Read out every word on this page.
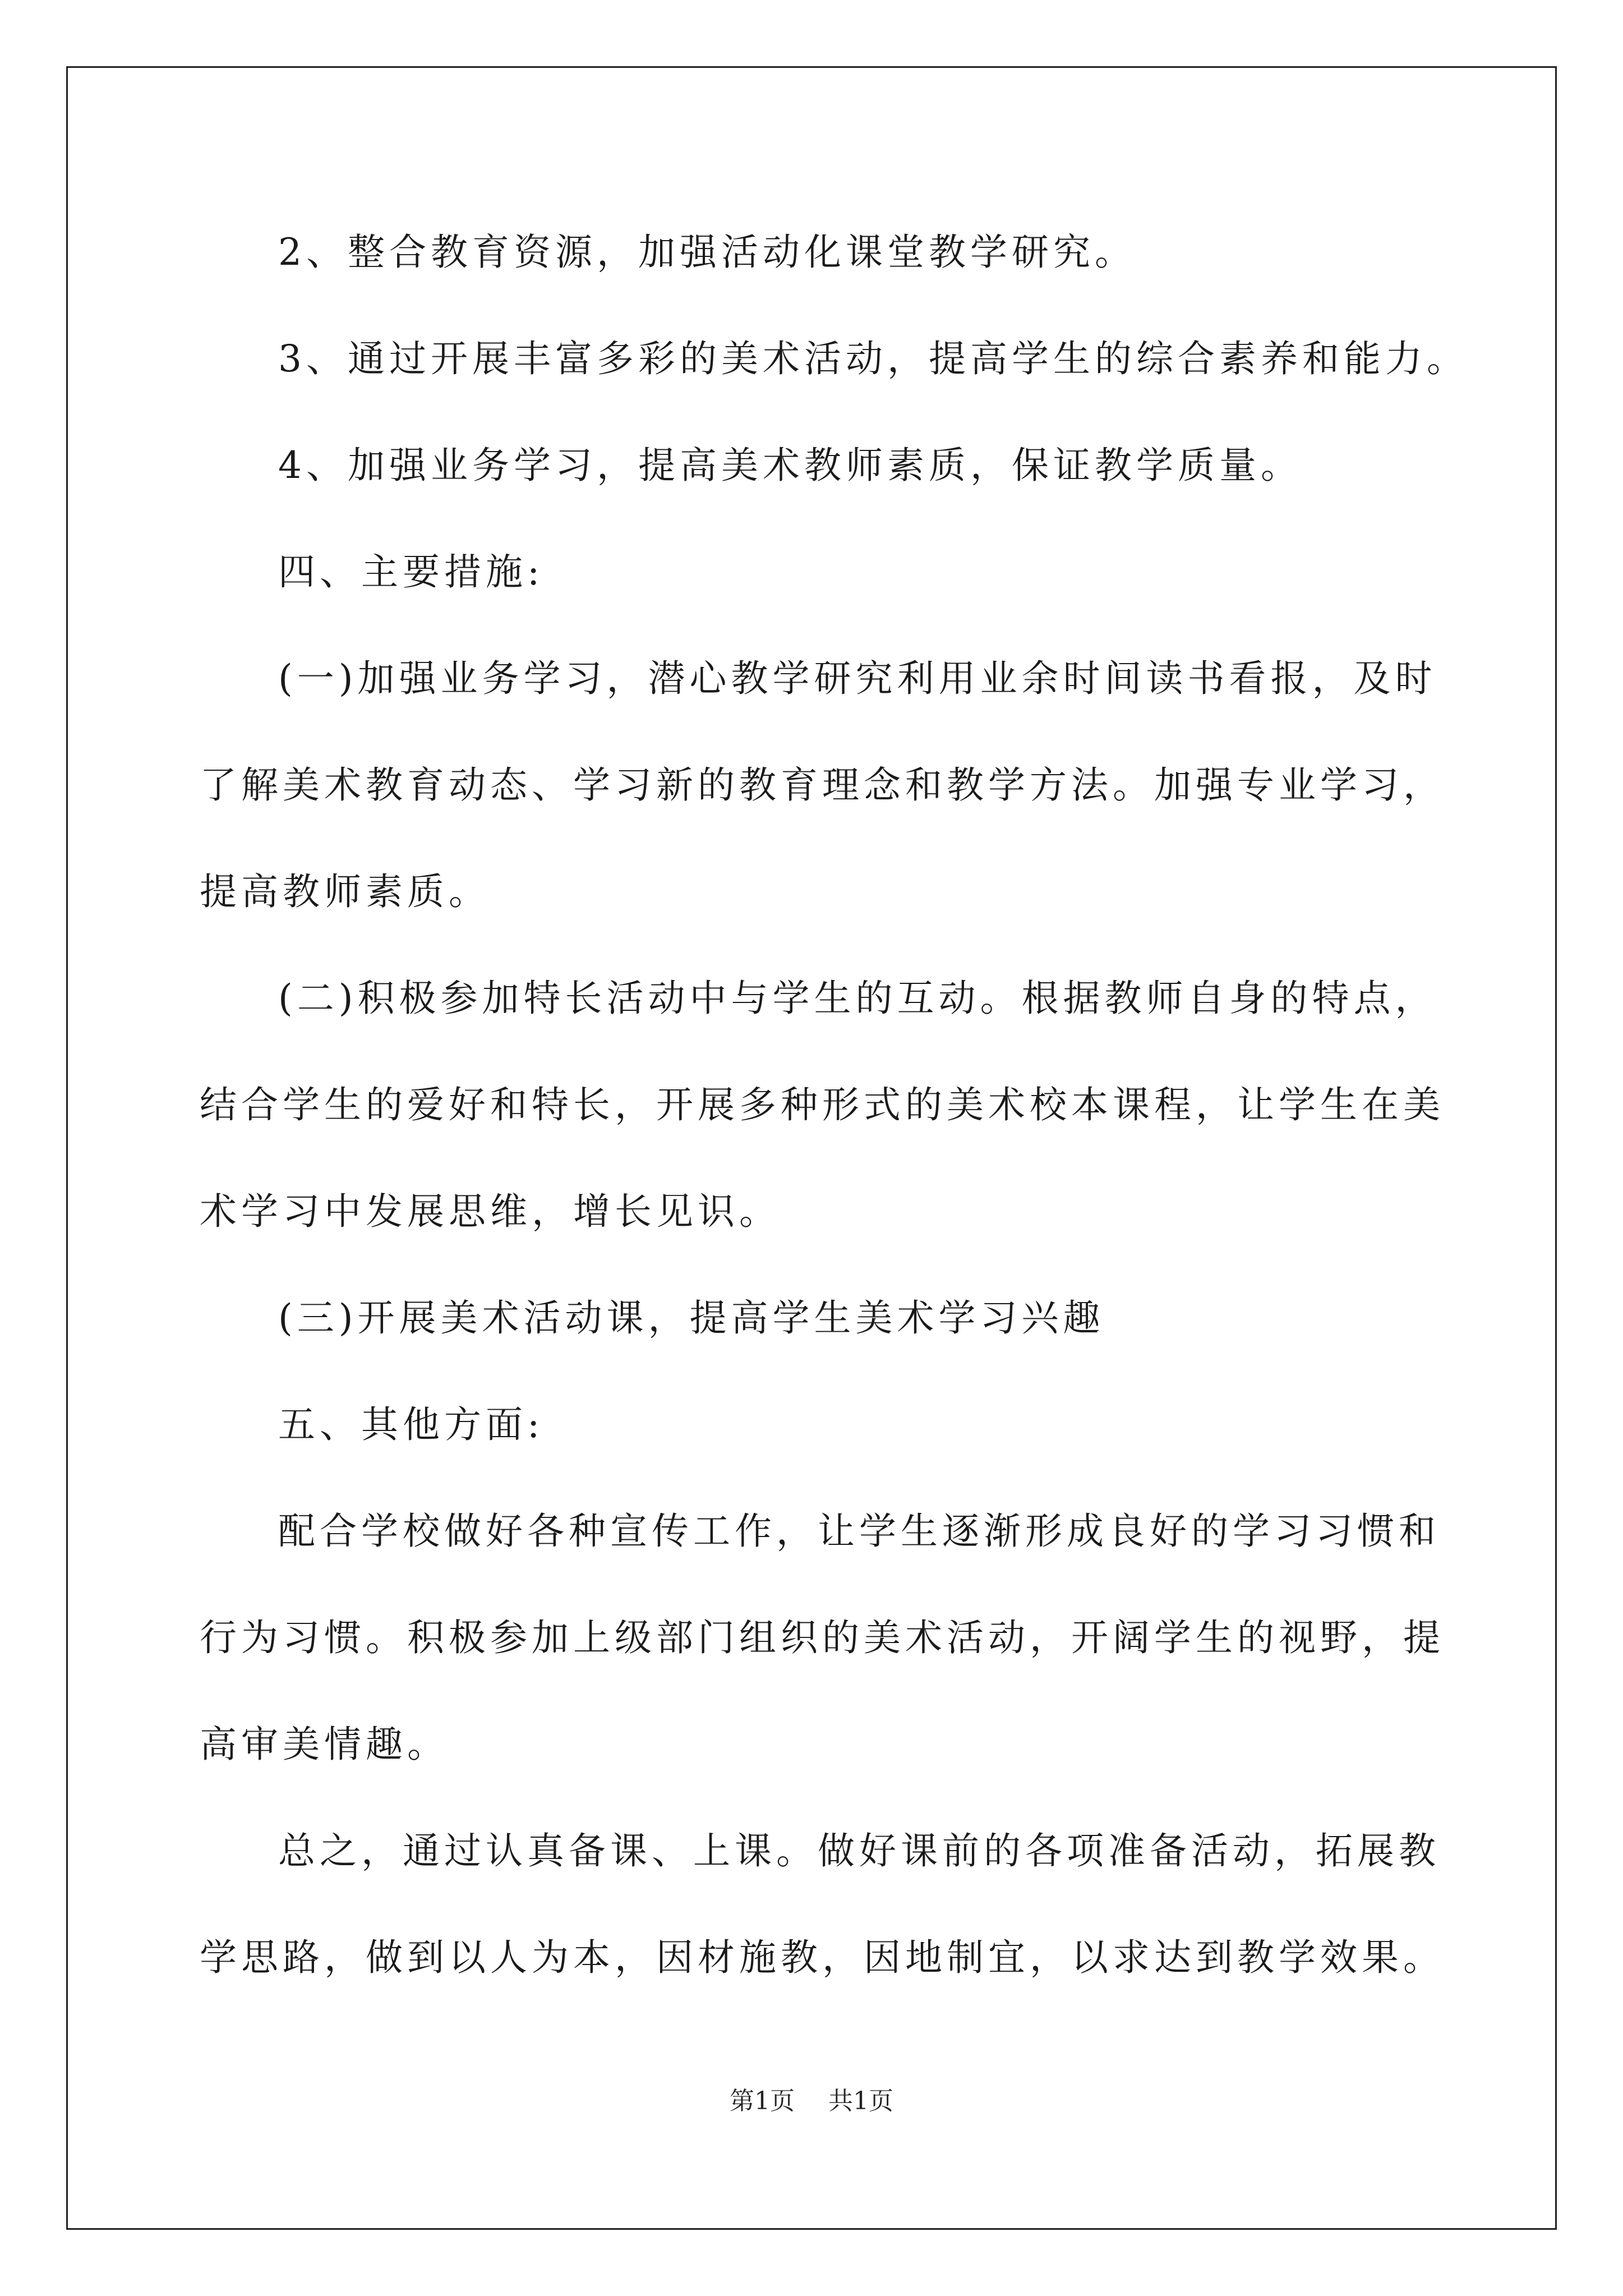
2、整合教育资源，加强活动化课堂教学研究。
3、通过开展丰富多彩的美术活动，提高学生的综合素养和能力。
4、加强业务学习，提高美术教师素质，保证教学质量。
四、主要措施:
(一)加强业务学习，潜心教学研究利用业余时间读书看报，及时
了解美术教育动态、学习新的教育理念和教学方法。加强专业学习，
提高教师素质。
(二)积极参加特长活动中与学生的互动。根据教师自身的特点，
结合学生的爱好和特长，开展多种形式的美术校本课程，让学生在美
术学习中发展思维，增长见识。
(三)开展美术活动课，提高学生美术学习兴趣
五、其他方面:
配合学校做好各种宣传工作，让学生逐渐形成良好的学习习惯和
行为习惯。积极参加上级部门组织的美术活动，开阔学生的视野，提
高审美情趣。
总之，通过认真备课、上课。做好课前的各项准备活动，拓展教
学思路，做到以人为本，因材施教，因地制宜，以求达到教学效果。
第1页 共1页
